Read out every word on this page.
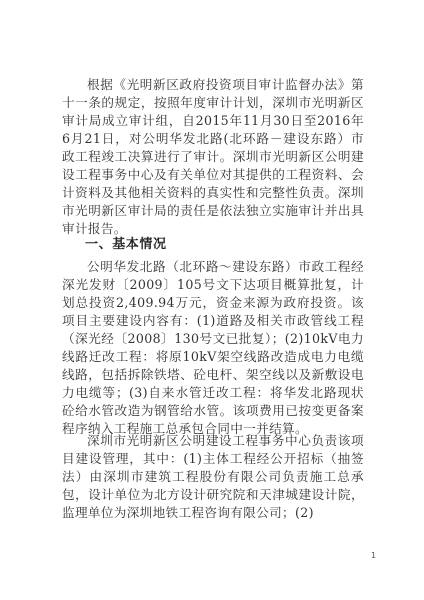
根据《光明新区政府投资项目审计监督办法》第十一条的规定，按照年度审计计划，深圳市光明新区审计局成立审计组，自2015年11月30日至2016年6月21日，对公明华发北路(北环路－建设东路）市政工程竣工决算进行了审计。深圳市光明新区公明建设工程事务中心及有关单位对其提供的工程资料、会计资料及其他相关资料的真实性和完整性负责。深圳市光明新区审计局的责任是依法独立实施审计并出具审计报告。

一、基本情况

公明华发北路（北环路～建设东路）市政工程经深光发财〔2009〕105号文下达项目概算批复，计划总投资2,409.94万元，资金来源为政府投资。该项目主要建设内容有：(1)道路及相关市政管线工程（深光经〔2008〕130号文已批复）；(2)10kV电力线路迁改工程：将原10kV架空线路改造成电力电缆线路，包括拆除铁塔、砼电杆、架空线以及新敷设电力电缆等；(3)自来水管迁改工程：将华发北路现状砼给水管改造为钢管给水管。该项费用已按变更备案程序纳入工程施工总承包合同中一并结算。

深圳市光明新区公明建设工程事务中心负责该项目建设管理，其中：(1)主体工程经公开招标（抽签法）由深圳市建筑工程股份有限公司负责施工总承包，设计单位为北方设计研究院和天津城建设计院，监理单位为深圳地铁工程咨询有限公司；(2)

1
